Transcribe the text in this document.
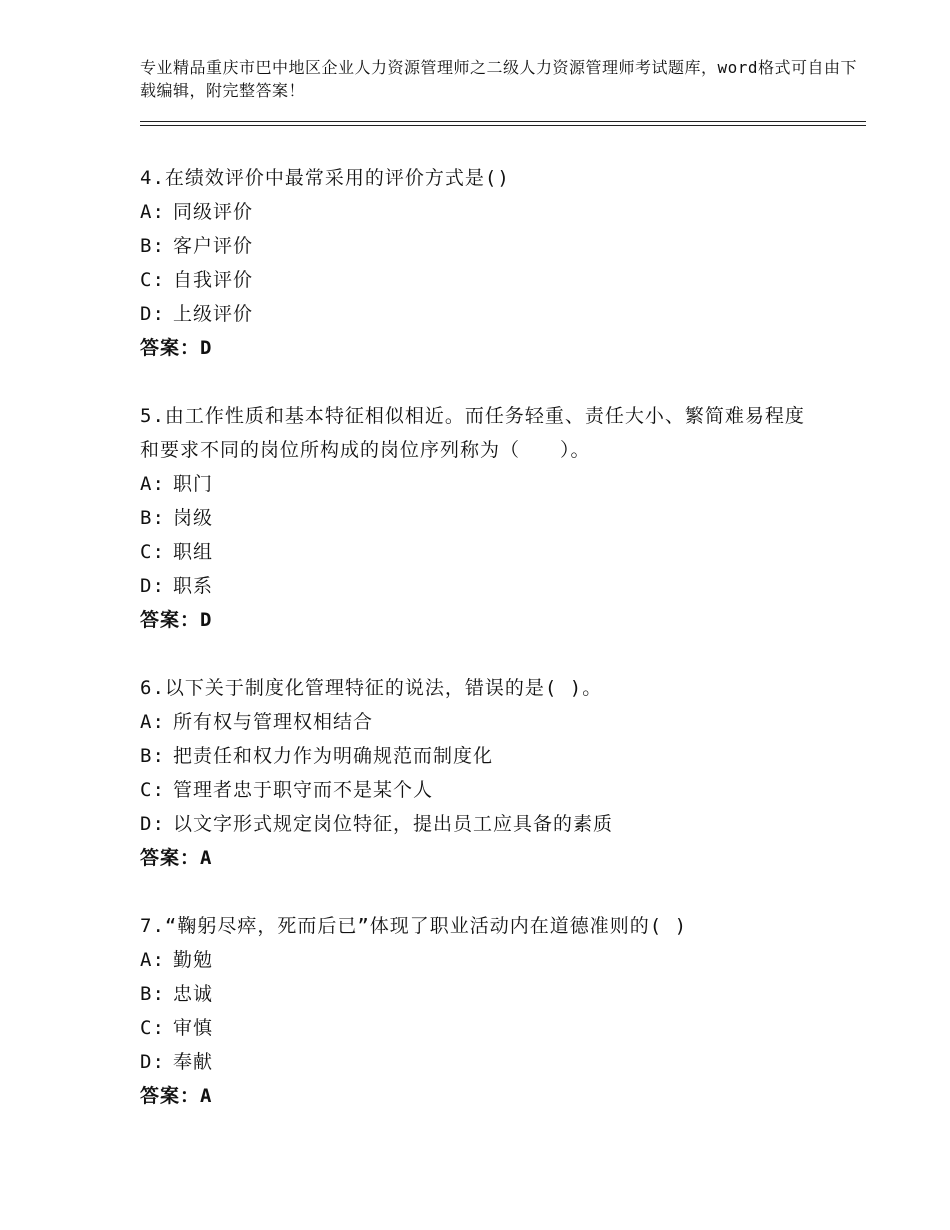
专业精品重庆市巴中地区企业人力资源管理师之二级人力资源管理师考试题库，word格式可自由下载编辑，附完整答案！

4.在绩效评价中最常采用的评价方式是()

A: 同级评价

B: 客户评价

C: 自我评价

D: 上级评价

答案：D

5.由工作性质和基本特征相似相近。而任务轻重、责任大小、繁简难易程度和要求不同的岗位所构成的岗位序列称为（　　）。

A: 职门

B: 岗级

C: 职组

D: 职系

答案：D

6.以下关于制度化管理特征的说法，错误的是( )。

A: 所有权与管理权相结合

B: 把责任和权力作为明确规范而制度化

C: 管理者忠于职守而不是某个人

D: 以文字形式规定岗位特征，提出员工应具备的素质

答案：A

7.“鞠躬尽瘁，死而后已”体现了职业活动内在道德准则的( )

A: 勤勉

B: 忠诚

C: 审慎

D: 奉献

答案：A
